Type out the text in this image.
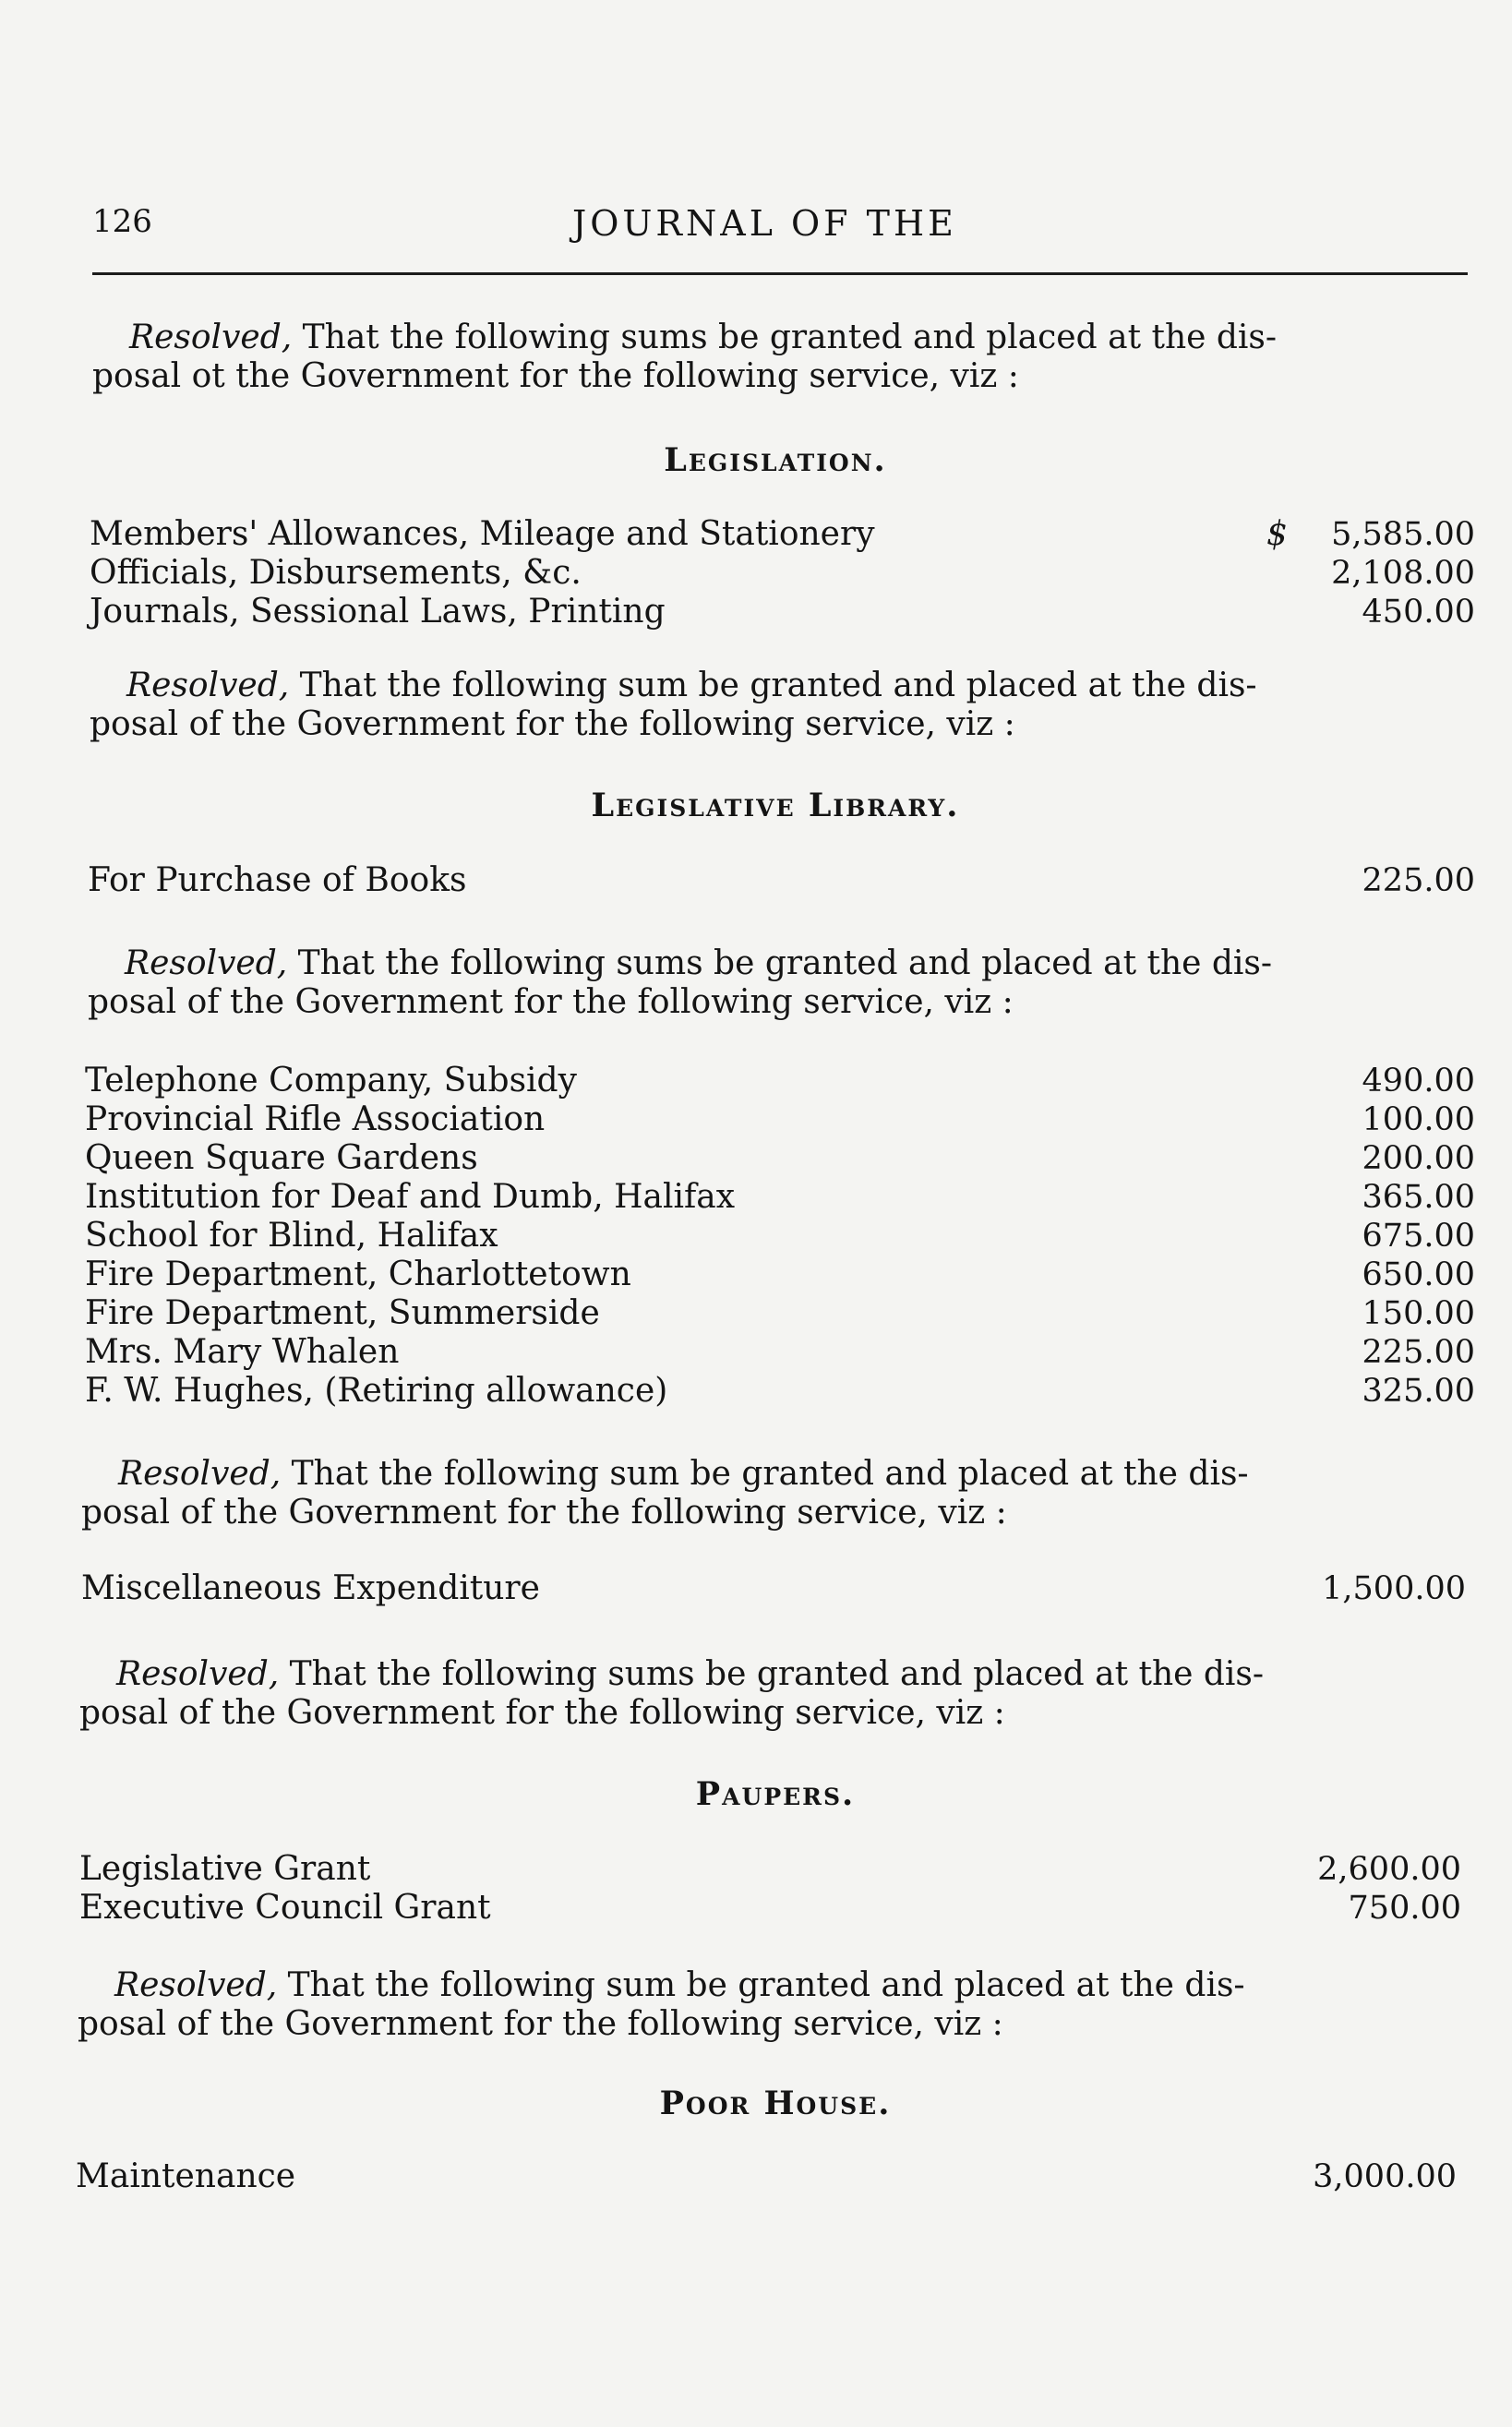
126	JOURNAL OF THE

Resolved, That the following sums be granted and placed at the dis-
posal ot the Government for the following service, viz :

Legislation.
Members' Allowances, Mileage and Stationery	$ 5,585.00
Officials, Disbursements, &c.	2,108.00
Journals, Sessional Laws, Printing	450.00

Resolved, That the following sum be granted and placed at the dis-
posal of the Government for the following service, viz :

Legislative Library.
For Purchase of Books	225.00

Resolved, That the following sums be granted and placed at the dis-
posal of the Government for the following service, viz :

Telephone Company, Subsidy	490.00
Provincial Rifle Association	100.00
Queen Square Gardens	200.00
Institution for Deaf and Dumb, Halifax	365.00
School for Blind, Halifax	675.00
Fire Department, Charlottetown	650.00
Fire Department, Summerside	150.00
Mrs. Mary Whalen	225.00
F. W. Hughes, (Retiring allowance)	325.00

Resolved, That the following sum be granted and placed at the dis-
posal of the Government for the following service, viz :

Miscellaneous Expenditure	1,500.00

Resolved, That the following sums be granted and placed at the dis-
posal of the Government for the following service, viz :

Paupers.
Legislative Grant	2,600.00
Executive Council Grant	750.00

Resolved, That the following sum be granted and placed at the dis-
posal of the Government for the following service, viz :

Poor House.
Maintenance	3,000.00
